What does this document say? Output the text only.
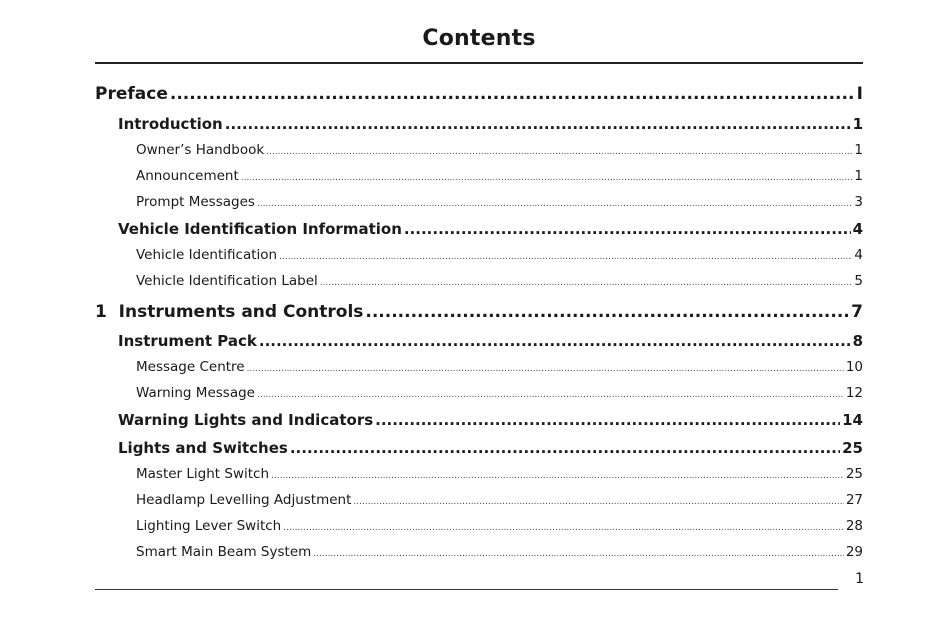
Contents
Preface .....	I
Introduction .....	1
Owner’s Handbook .....	1
Announcement .....	1
Prompt Messages .....	3
Vehicle Identification Information .....	4
Vehicle Identification .....	4
Vehicle Identification Label .....	5
1  Instruments and Controls .....	7
Instrument Pack .....	8
Message Centre .....	10
Warning Message .....	12
Warning Lights and Indicators .....	14
Lights and Switches .....	25
Master Light Switch .....	25
Headlamp Levelling Adjustment .....	27
Lighting Lever Switch .....	28
Smart Main Beam System .....	29
1
